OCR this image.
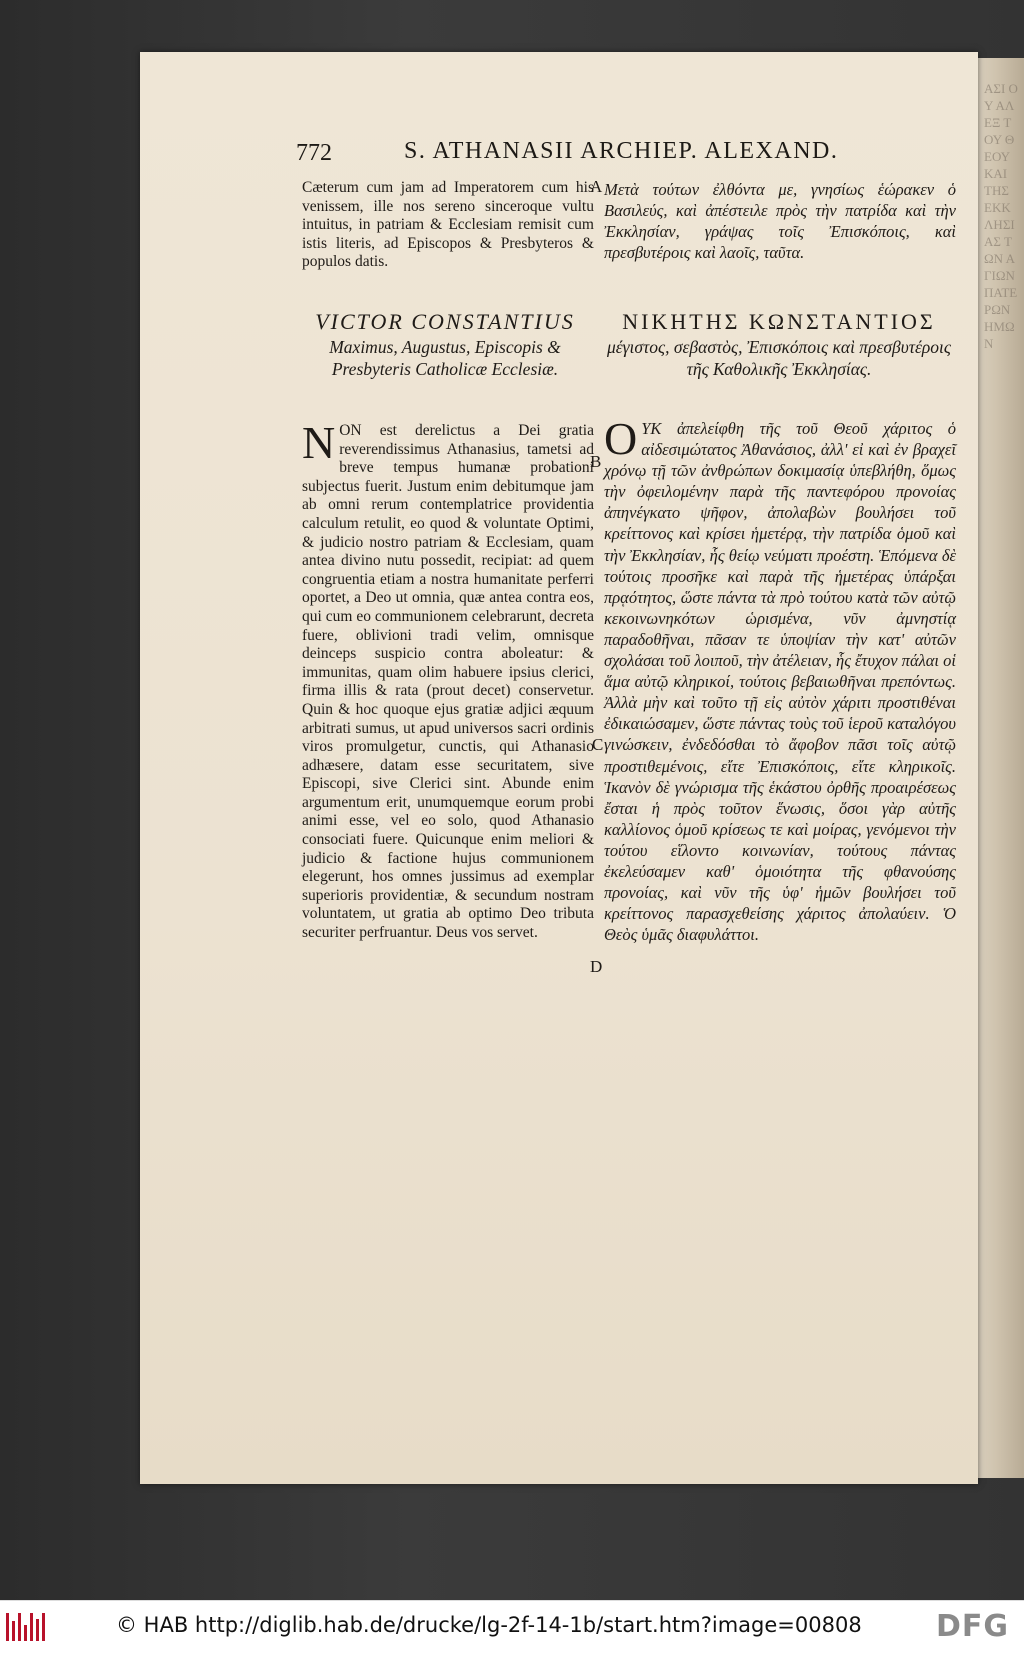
ΑΣΙ ΟΥ ΑΛΕΞ ΤΟΥ ΘΕΟΥ ΚΑΙ ΤΗΣ ΕΚΚΛΗΣΙΑΣ ΤΩΝ ΑΓΙΩΝ ΠΑΤΕΡΩΝ ΗΜΩΝ
772	S. ATHANASII ARCHIEP. ALEXAND.
Cæterum cum jam ad Imperatorem cum his venissem, ille nos sereno sinceroque vultu intuitus, in patriam & Ecclesiam remisit cum istis literis, ad Episcopos & Presbyteros & populos datis.
Μετὰ τούτων ἐλθόντα με, γνησίως ἑώρακεν ὁ Βασιλεύς, καὶ ἀπέστειλε πρὸς τὴν πατρίδα καὶ τὴν Ἐκκλησίαν, γράψας τοῖς Ἐπισκόποις, καὶ πρεσβυτέροις καὶ λαοῖς, ταῦτα.
A
B
C
D
VICTOR CONSTANTIUS
Maximus, Augustus, Episcopis & Presbyteris Catholicæ Ecclesiæ.
ΝΙΚΗΤΗΣ ΚΩΝΣΤΑΝΤΙΟΣ
μέγιστος, σεβαστὸς, Ἐπισκόποις καὶ πρεσβυτέροις τῆς Καθολικῆς Ἐκκλησίας.
NON est derelictus a Dei gratia reverendissimus Athanasius, tametsi ad breve tempus humanæ probationi subjectus fuerit. Justum enim debitumque jam ab omni rerum contemplatrice providentia calculum retulit, eo quod & voluntate Optimi, & judicio nostro patriam & Ecclesiam, quam antea divino nutu possedit, recipiat: ad quem congruentia etiam a nostra humanitate perferri oportet, a Deo ut omnia, quæ antea contra eos, qui cum eo communionem celebrarunt, decreta fuere, oblivioni tradi velim, omnisque deinceps suspicio contra aboleatur: & immunitas, quam olim habuere ipsius clerici, firma illis & rata (prout decet) conservetur. Quin & hoc quoque ejus gratiæ adjici æquum arbitrati sumus, ut apud universos sacri ordinis viros promulgetur, cunctis, qui Athanasio adhæsere, datam esse securitatem, sive Episcopi, sive Clerici sint. Abunde enim argumentum erit, unumquemque eorum probi animi esse, vel eo solo, quod Athanasio consociati fuere. Quicunque enim meliori & judicio & factione hujus communionem elegerunt, hos omnes jussimus ad exemplar superioris providentiæ, & secundum nostram voluntatem, ut gratia ab optimo Deo tributa securiter perfruantur. Deus vos servet.
OΥΚ ἀπελείφθη τῆς τοῦ Θεοῦ χάριτος ὁ αἰδεσιμώτατος Ἀθανάσιος, ἀλλ' εἰ καὶ ἐν βραχεῖ χρόνῳ τῇ τῶν ἀνθρώπων δοκιμασίᾳ ὑπεβλήθη, ὅμως τὴν ὀφειλομένην παρὰ τῆς παντεφόρου προνοίας ἀπηνέγκατο ψῆφον, ἀπολαβὼν βουλήσει τοῦ κρείττονος καὶ κρίσει ἡμετέρᾳ, τὴν πατρίδα ὁμοῦ καὶ τὴν Ἐκκλησίαν, ἧς θείῳ νεύματι προέστη. Ἑπόμενα δὲ τούτοις προσῆκε καὶ παρὰ τῆς ἡμετέρας ὑπάρξαι πρᾳότητος, ὥστε πάντα τὰ πρὸ τούτου κατὰ τῶν αὐτῷ κεκοινωνηκότων ὡρισμένα, νῦν ἀμνηστίᾳ παραδοθῆναι, πᾶσαν τε ὑποψίαν τὴν κατ' αὐτῶν σχολάσαι τοῦ λοιποῦ, τὴν ἀτέλειαν, ἧς ἔτυχον πάλαι οἱ ἅμα αὐτῷ κληρικοί, τούτοις βεβαιωθῆναι πρεπόντως. Ἀλλὰ μὴν καὶ τοῦτο τῇ εἰς αὐτὸν χάριτι προστιθέναι ἐδικαιώσαμεν, ὥστε πάντας τοὺς τοῦ ἱεροῦ καταλόγου γινώσκειν, ἐνδεδόσθαι τὸ ἄφοβον πᾶσι τοῖς αὐτῷ προστιθεμένοις, εἴτε Ἐπισκόποις, εἴτε κληρικοῖς. Ἱκανὸν δὲ γνώρισμα τῆς ἑκάστου ὀρθῆς προαιρέσεως ἔσται ἡ πρὸς τοῦτον ἕνωσις, ὅσοι γὰρ αὐτῆς καλλίονος ὁμοῦ κρίσεως τε καὶ μοίρας, γενόμενοι τὴν τούτου εἵλοντο κοινωνίαν, τούτους πάντας ἐκελεύσαμεν καθ' ὁμοιότητα τῆς φθανούσης προνοίας, καὶ νῦν τῆς ὑφ' ἡμῶν βουλήσει τοῦ κρείττονος παρασχεθείσης χάριτος ἀπολαύειν. Ὁ Θεὸς ὑμᾶς διαφυλάττοι.
© HAB http://diglib.hab.de/drucke/lg-2f-14-1b/start.htm?image=00808 DFG
